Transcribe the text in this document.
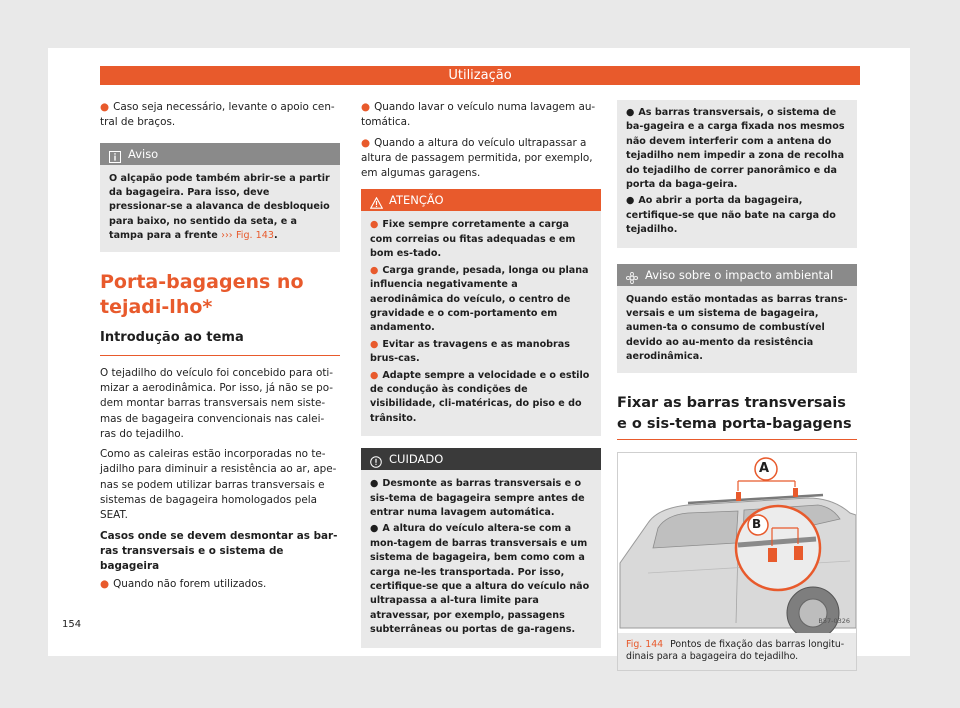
Utilização

● Caso seja necessário, levante o apoio cen-tral de braços.

Aviso
O alçapão pode também abrir-se a partir da bagageira. Para isso, deve pressionar-se a alavanca de desbloqueio para baixo, no sentido da seta, e a tampa para a frente ››› Fig. 143.
Porta-bagagens no tejadi-lho*
Introdução ao tema

O tejadilho do veículo foi concebido para oti-mizar a aerodinâmica. Por isso, já não se po-dem montar barras transversais nem siste-mas de bagageira convencionais nas calei-ras do tejadilho.

Como as caleiras estão incorporadas no te-jadilho para diminuir a resistência ao ar, ape-nas se podem utilizar barras transversais e sistemas de bagageira homologados pela SEAT.

Casos onde se devem desmontar as bar-ras transversais e o sistema de bagageira

● Quando não forem utilizados.

● Quando lavar o veículo numa lavagem au-tomática.

● Quando a altura do veículo ultrapassar a altura de passagem permitida, por exemplo, em algumas garagens.

ATENÇÃO

● Fixe sempre corretamente a carga com correias ou fitas adequadas e em bom es-tado.

● Carga grande, pesada, longa ou plana influencia negativamente a aerodinâmica do veículo, o centro de gravidade e o com-portamento em andamento.

● Evitar as travagens e as manobras brus-cas.

● Adapte sempre a velocidade e o estilo de condução às condições de visibilidade, cli-matéricas, do piso e do trânsito.

CUIDADO

● Desmonte as barras transversais e o sis-tema de bagageira sempre antes de entrar numa lavagem automática.

● A altura do veículo altera-se com a mon-tagem de barras transversais e um sistema de bagageira, bem como com a carga ne-les transportada. Por isso, certifique-se que a altura do veículo não ultrapassa a al-tura limite para atravessar, por exemplo, passagens subterrâneas ou portas de ga-ragens.

● As barras transversais, o sistema de ba-gageira e a carga fixada nos mesmos não devem interferir com a antena do tejadilho nem impedir a zona de recolha do tejadilho de correr panorâmico e da porta da baga-geira.

● Ao abrir a porta da bagageira, certifique-se que não bate na carga do tejadilho.

Aviso sobre o impacto ambiental
Quando estão montadas as barras trans-versais e um sistema de bagageira, aumen-ta o consumo de combustível devido ao au-mento da resistência aerodinâmica.
Fixar as barras transversais e o sis-tema porta-bagagens
A
B
B57-0326
Fig. 144 Pontos de fixação das barras longitu-dinais para a bagageira do tejadilho.
154
